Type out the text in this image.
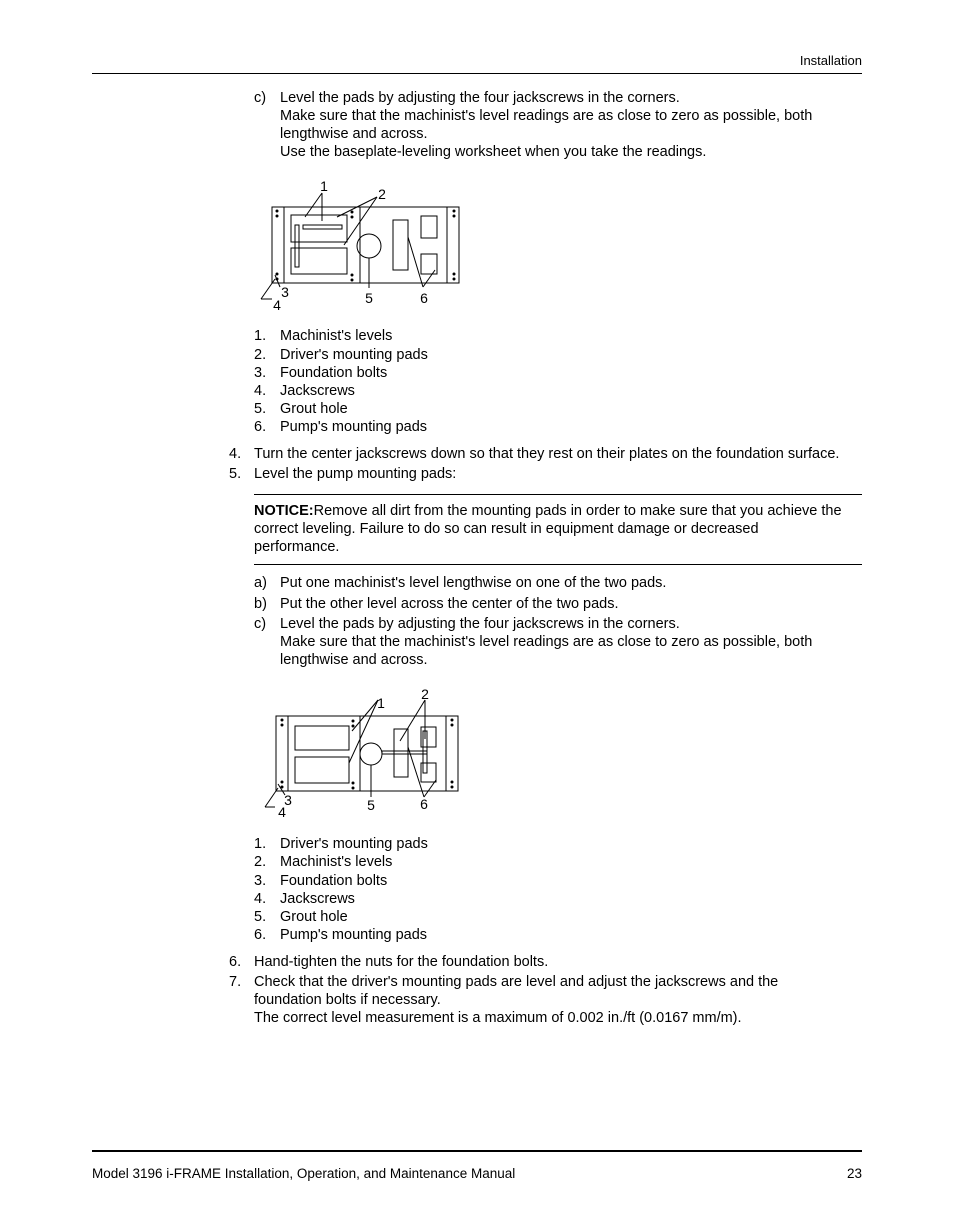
Installation
c) Level the pads by adjusting the four jackscrews in the corners.
Make sure that the machinist's level readings are as close to zero as possible, both
lengthwise and across.
Use the baseplate-leveling worksheet when you take the readings.
1	2
3
4	5	6
1. Machinist's levels
2. Driver's mounting pads
3. Foundation bolts
4. Jackscrews
5. Grout hole
6. Pump's mounting pads
4. Turn the center jackscrews down so that they rest on their plates on the foundation surface.
5. Level the pump mounting pads:
NOTICE:Remove all dirt from the mounting pads in order to make sure that you achieve the
correct leveling. Failure to do so can result in equipment damage or decreased
performance.
a) Put one machinist's level lengthwise on one of the two pads.
b) Put the other level across the center of the two pads.
c) Level the pads by adjusting the four jackscrews in the corners.
Make sure that the machinist's level readings are as close to zero as possible, both
lengthwise and across.
1
2
3
4	5	6
1. Driver's mounting pads
2. Machinist's levels
3. Foundation bolts
4. Jackscrews
5. Grout hole
6. Pump's mounting pads
6. Hand-tighten the nuts for the foundation bolts.
7. Check that the driver's mounting pads are level and adjust the jackscrews and the
foundation bolts if necessary.
The correct level measurement is a maximum of 0.002 in./ft (0.0167 mm/m).
Model 3196 i-FRAME Installation, Operation, and Maintenance Manual	23
